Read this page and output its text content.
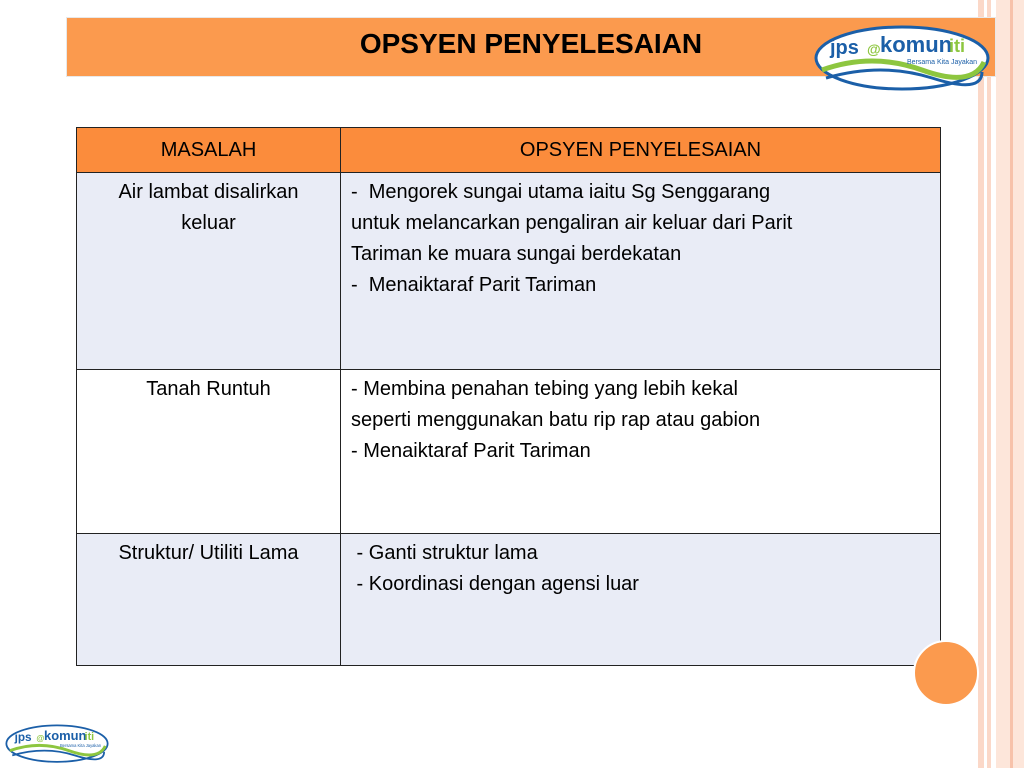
OPSYEN PENYELESAIAN	jps @ komun
iti
Bersama Kita Jayakan
MASALAH	OPSYEN PENYELESAIAN

Air lambat disalirkan
keluar	-  Mengorek sungai utama iaitu Sg Senggarang
untuk melancarkan pengaliran air keluar dari Parit
Tariman ke muara sungai berdekatan
-  Menaiktaraf Parit Tariman

Tanah Runtuh	- Membina penahan tebing yang lebih kekal
seperti menggunakan batu rip rap atau gabion
- Menaiktaraf Parit Tariman

Struktur/ Utiliti Lama	- Ganti struktur lama
- Koordinasi dengan agensi luar
jps @ komun
iti
Bersama Kita Jayakan
